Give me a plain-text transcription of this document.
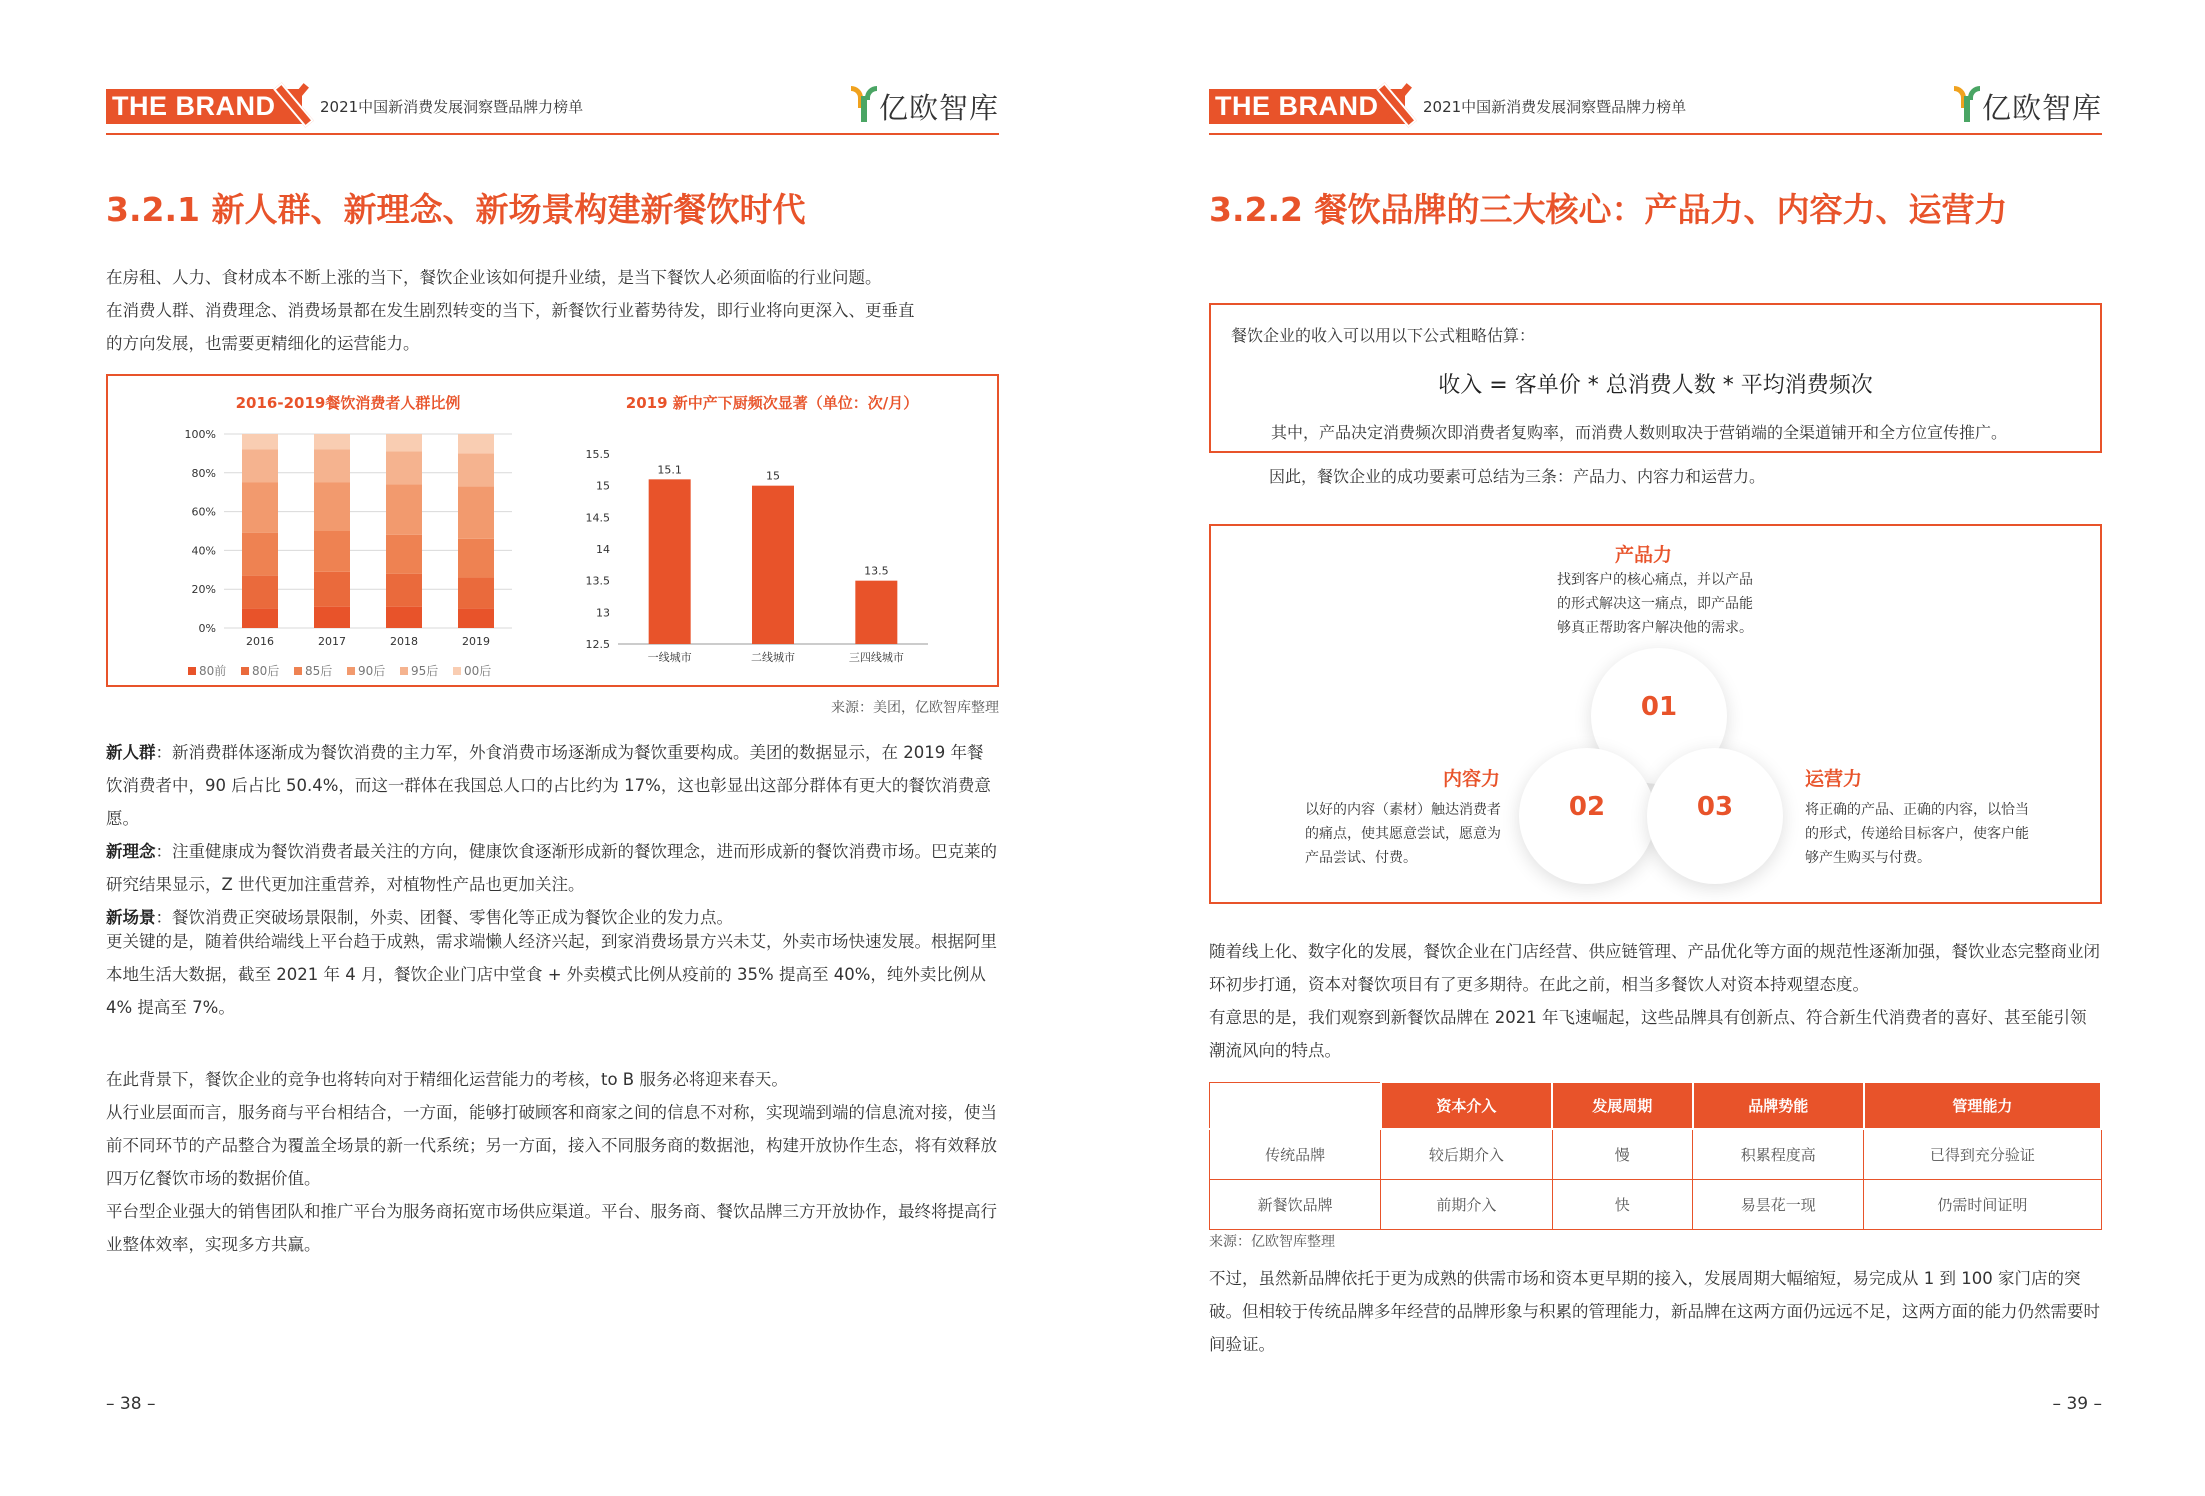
THE BRAND	2021中国新消费发展洞察暨品牌力榜单	亿欧智库
3.2.1 新人群、新理念、新场景构建新餐饮时代

在房租、人力、食材成本不断上涨的当下，餐饮企业该如何提升业绩，是当下餐饮人必须面临的行业问题。
在消费人群、消费理念、消费场景都在发生剧烈转变的当下，新餐饮行业蓄势待发，即行业将向更深入、更垂直
的方向发展，也需要更精细化的运营能力。

2016-2019餐饮消费者人群比例
0%
20%
40%
60%
80%
100%
2016	2017	2018	2019
80前 80后 85后 90后 95后 00后
2019 新中产下厨频次显著（单位：次/月）
12.5
13
13.5
14
14.5
15
15.5
15.1
一线城市
15
二线城市
13.5
三四线城市
来源：美团，亿欧智库整理

新人群：新消费群体逐渐成为餐饮消费的主力军，外食消费市场逐渐成为餐饮重要构成。美团的数据显示，在 2019 年餐饮消费者中，90 后占比 50.4%，而这一群体在我国总人口的占比约为 17%，这也彰显出这部分群体有更大的餐饮消费意愿。
新理念：注重健康成为餐饮消费者最关注的方向，健康饮食逐渐形成新的餐饮理念，进而形成新的餐饮消费市场。巴克莱的研究结果显示，Z 世代更加注重营养，对植物性产品也更加关注。
新场景：餐饮消费正突破场景限制，外卖、团餐、零售化等正成为餐饮企业的发力点。

更关键的是，随着供给端线上平台趋于成熟，需求端懒人经济兴起，到家消费场景方兴未艾，外卖市场快速发展。根据阿里本地生活大数据，截至 2021 年 4 月，餐饮企业门店中堂食 + 外卖模式比例从疫前的 35% 提高至 40%，纯外卖比例从 4% 提高至 7%。

在此背景下，餐饮企业的竞争也将转向对于精细化运营能力的考核，to B 服务必将迎来春天。
从行业层面而言，服务商与平台相结合，一方面，能够打破顾客和商家之间的信息不对称，实现端到端的信息流对接，使当前不同环节的产品整合为覆盖全场景的新一代系统；另一方面，接入不同服务商的数据池，构建开放协作生态，将有效释放四万亿餐饮市场的数据价值。
平台型企业强大的销售团队和推广平台为服务商拓宽市场供应渠道。平台、服务商、餐饮品牌三方开放协作，最终将提高行业整体效率，实现多方共赢。

– 38 –
THE BRAND	2021中国新消费发展洞察暨品牌力榜单	亿欧智库
3.2.2 餐饮品牌的三大核心：产品力、内容力、运营力
餐饮企业的收入可以用以下公式粗略估算：
收入 = 客单价 * 总消费人数 * 平均消费频次
其中，产品决定消费频次即消费者复购率，而消费人数则取决于营销端的全渠道铺开和全方位宣传推广。
因此，餐饮企业的成功要素可总结为三条：产品力、内容力和运营力。
产品力
找到客户的核心痛点，并以产品的形式解决这一痛点，即产品能够真正帮助客户解决他的需求。
01
02	03
内容力
以好的内容（素材）触达消费者的痛点，使其愿意尝试，愿意为产品尝试、付费。
运营力
将正确的产品、正确的内容，以恰当的形式，传递给目标客户，使客户能够产生购买与付费。

随着线上化、数字化的发展，餐饮企业在门店经营、供应链管理、产品优化等方面的规范性逐渐加强，餐饮业态完整商业闭环初步打通，资本对餐饮项目有了更多期待。在此之前，相当多餐饮人对资本持观望态度。
有意思的是，我们观察到新餐饮品牌在 2021 年飞速崛起，这些品牌具有创新点、符合新生代消费者的喜好、甚至能引领潮流风向的特点。

	资本介入	发展周期	品牌势能	管理能力
传统品牌	较后期介入	慢	积累程度高	已得到充分验证
新餐饮品牌	前期介入	快	易昙花一现	仍需时间证明
来源：亿欧智库整理

不过，虽然新品牌依托于更为成熟的供需市场和资本更早期的接入，发展周期大幅缩短，易完成从 1 到 100 家门店的突破。但相较于传统品牌多年经营的品牌形象与积累的管理能力，新品牌在这两方面仍远远不足，这两方面的能力仍然需要时间验证。

– 39 –
